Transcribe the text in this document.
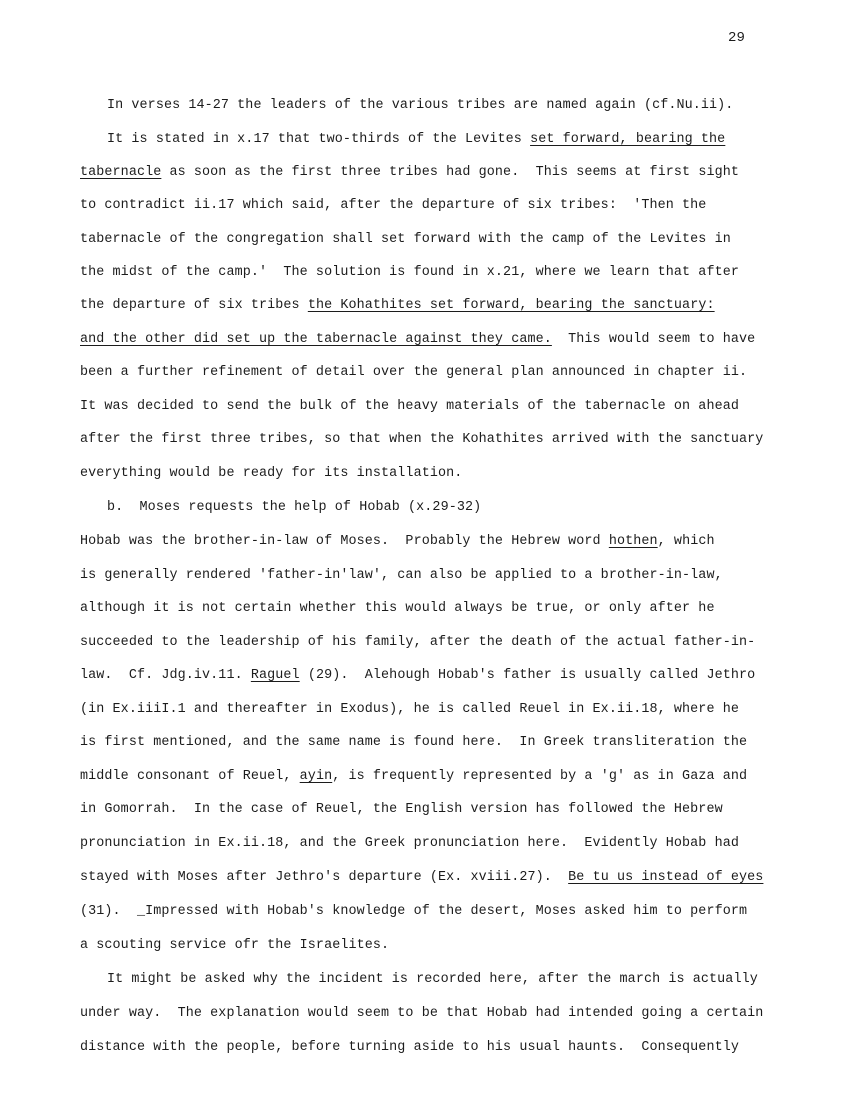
29
In verses 14-27 the leaders of the various tribes are named again (cf.Nu.ii).
It is stated in x.17 that two-thirds of the Levites set forward, bearing the
tabernacle as soon as the first three tribes had gone.  This seems at first sight
to contradict ii.17 which said, after the departure of six tribes:  'Then the
tabernacle of the congregation shall set forward with the camp of the Levites in
the midst of the camp.'  The solution is found in x.21, where we learn that after
the departure of six tribes the Kohathites set forward, bearing the sanctuary:
and the other did set up the tabernacle against they came.  This would seem to have
been a further refinement of detail over the general plan announced in chapter ii.
It was decided to send the bulk of the heavy materials of the tabernacle on ahead
after the first three tribes, so that when the Kohathites arrived with the sanctuary
everything would be ready for its installation.
b.  Moses requests the help of Hobab (x.29-32)
Hobab was the brother-in-law of Moses.  Probably the Hebrew word hothen, which
is generally rendered 'father-in'law', can also be applied to a brother-in-law,
although it is not certain whether this would always be true, or only after he
succeeded to the leadership of his family, after the death of the actual father-in-
law.  Cf. Jdg.iv.11. Raguel (29).  Alehough Hobab's father is usually called Jethro
(in Ex.iiiI.1 and thereafter in Exodus), he is called Reuel in Ex.ii.18, where he
is first mentioned, and the same name is found here.  In Greek transliteration the
middle consonant of Reuel, ayin, is frequently represented by a 'g' as in Gaza and
in Gomorrah.  In the case of Reuel, the English version has followed the Hebrew
pronunciation in Ex.ii.18, and the Greek pronunciation here.  Evidently Hobab had
stayed with Moses after Jethro's departure (Ex. xviii.27).  Be tu us instead of eyes
(31).  _Impressed with Hobab's knowledge of the desert, Moses asked him to perform
a scouting service ofr the Israelites.
It might be asked why the incident is recorded here, after the march is actually
under way.  The explanation would seem to be that Hobab had intended going a certain
distance with the people, before turning aside to his usual haunts.  Consequently
